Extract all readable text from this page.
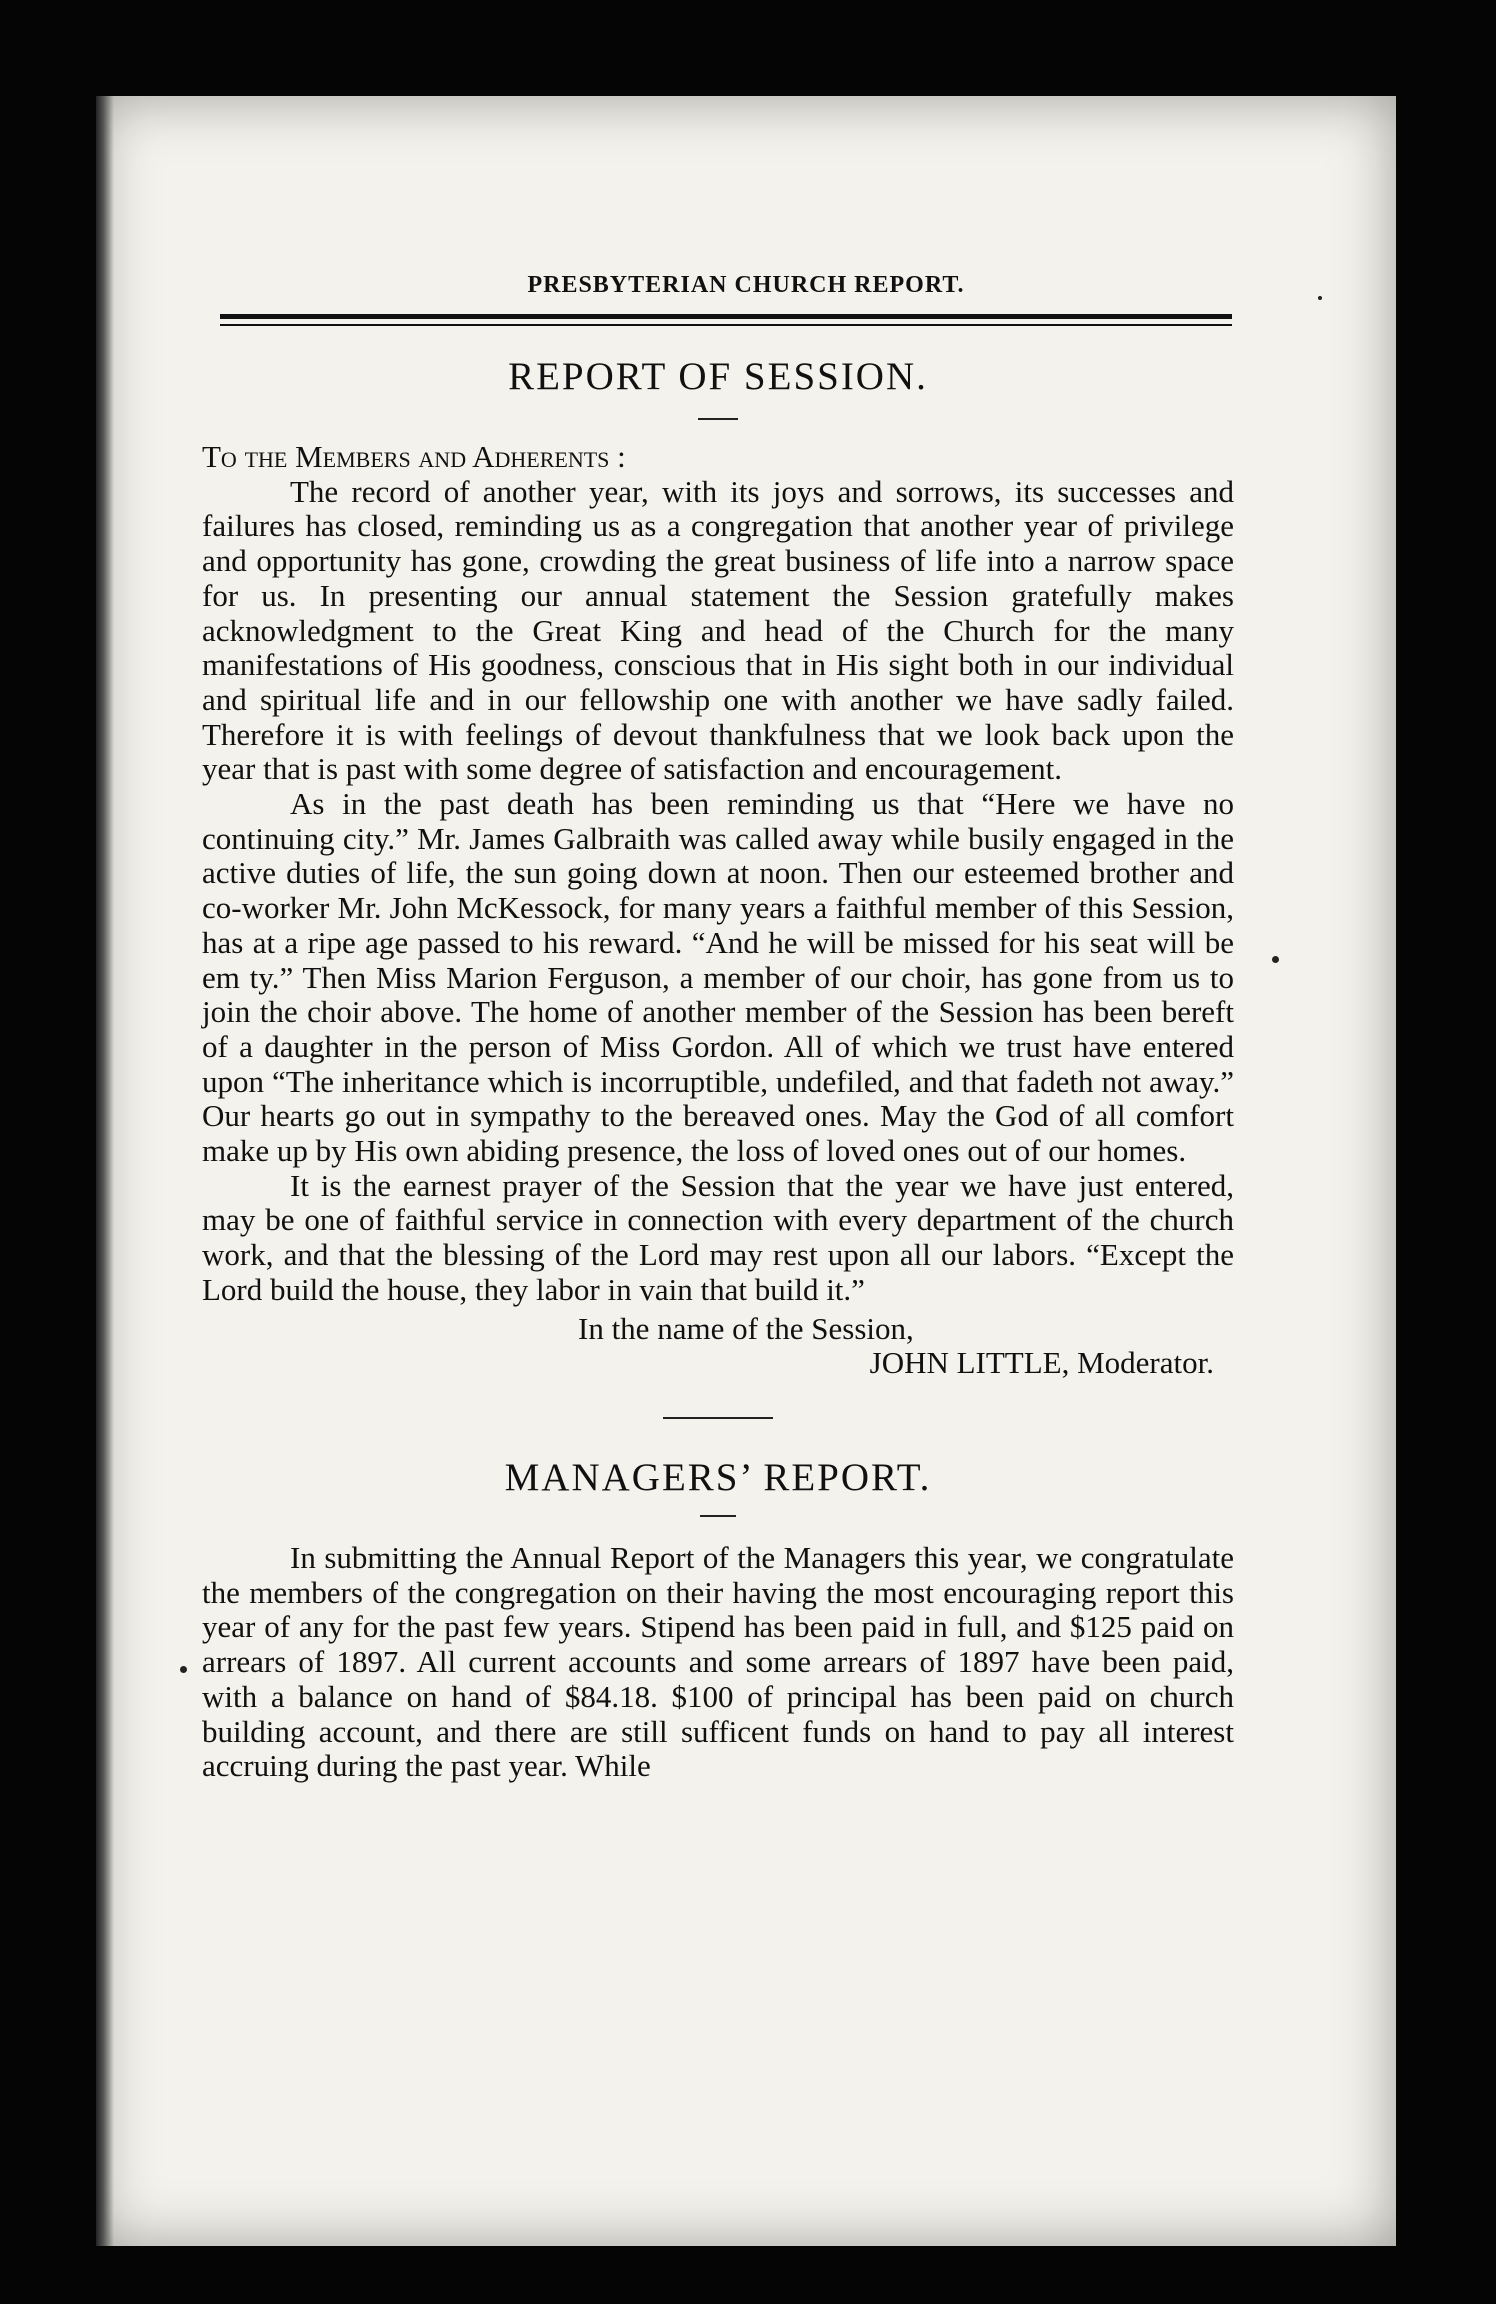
PRESBYTERIAN CHURCH REPORT.
REPORT OF SESSION.
To the Members and Adherents :

The record of another year, with its joys and sorrows, its successes and failures has closed, reminding us as a congregation that another year of privilege and opportunity has gone, crowding the great business of life into a narrow space for us. In presenting our annual statement the Session gratefully makes acknowledgment to the Great King and head of the Church for the many manifestations of His goodness, conscious that in His sight both in our individual and spiritual life and in our fellowship one with another we have sadly failed. Therefore it is with feelings of devout thankfulness that we look back upon the year that is past with some degree of satisfaction and encouragement.

As in the past death has been reminding us that “Here we have no continuing city.” Mr. James Galbraith was called away while busily engaged in the active duties of life, the sun going down at noon. Then our esteemed brother and co-worker Mr. John McKessock, for many years a faithful member of this Session, has at a ripe age passed to his reward. “And he will be missed for his seat will be em ty.” Then Miss Marion Ferguson, a member of our choir, has gone from us to join the choir above. The home of another member of the Session has been bereft of a daughter in the person of Miss Gordon. All of which we trust have entered upon “The inheritance which is incorruptible, undefiled, and that fadeth not away.” Our hearts go out in sympathy to the bereaved ones. May the God of all comfort make up by His own abiding presence, the loss of loved ones out of our homes.

It is the earnest prayer of the Session that the year we have just entered, may be one of faithful service in connection with every department of the church work, and that the blessing of the Lord may rest upon all our labors. “Except the Lord build the house, they labor in vain that build it.”

In the name of the Session,

JOHN LITTLE, Moderator.

MANAGERS’ REPORT.

In submitting the Annual Report of the Managers this year, we congratulate the members of the congregation on their having the most encouraging report this year of any for the past few years. Stipend has been paid in full, and $125 paid on arrears of 1897. All current accounts and some arrears of 1897 have been paid, with a balance on hand of $84.18. $100 of principal has been paid on church building account, and there are still sufficent funds on hand to pay all interest accruing during the past year. While
